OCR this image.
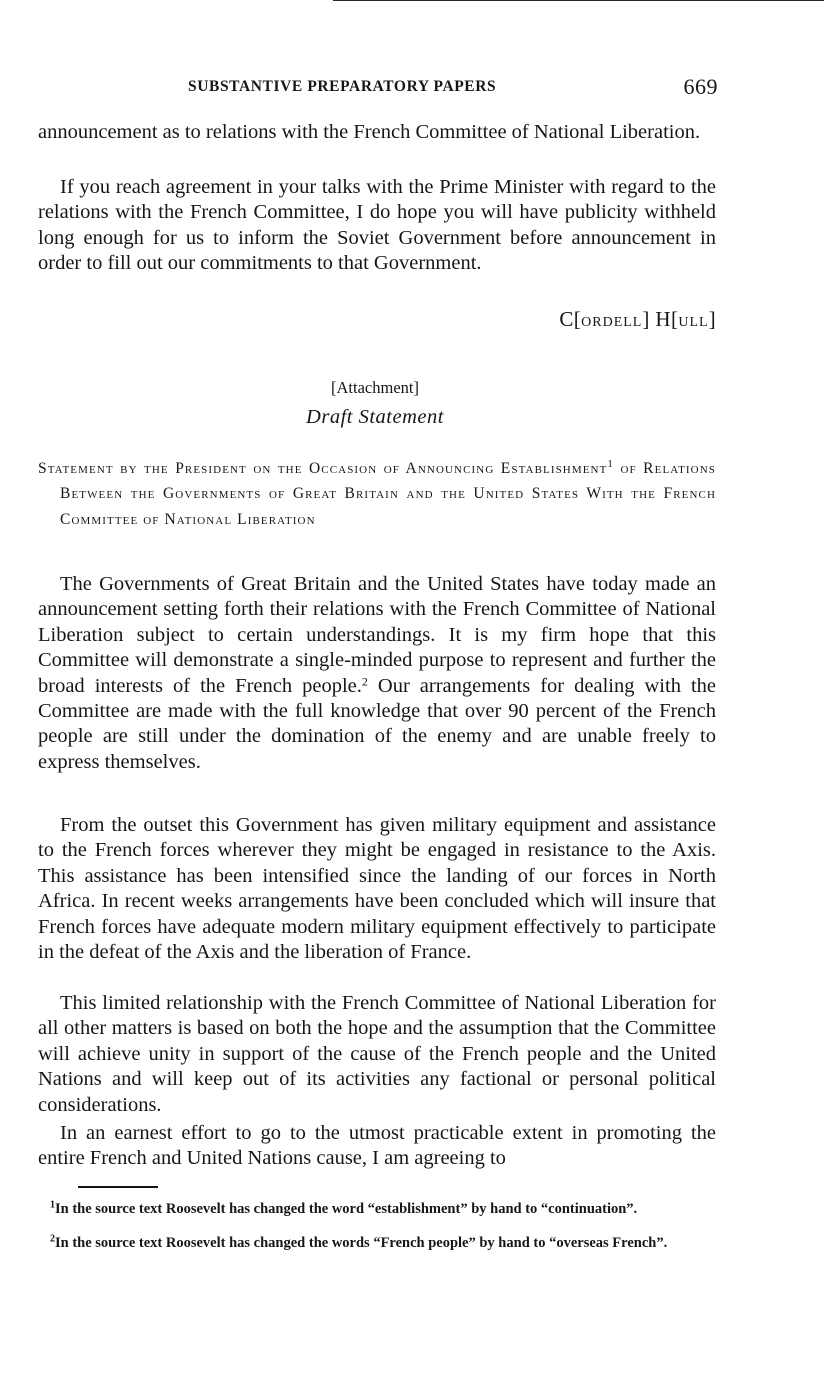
SUBSTANTIVE PREPARATORY PAPERS	669

announcement as to relations with the French Committee of National Liberation.

If you reach agreement in your talks with the Prime Minister with regard to the relations with the French Committee, I do hope you will have publicity withheld long enough for us to inform the Soviet Government before announcement in order to fill out our commitments to that Government.

C[ORDELL] H[ULL]
[Attachment]
Draft Statement

Statement by the President on the Occasion of Announcing Establishment$^1$ of Relations Between the Governments of Great Britain and the United States With the French Committee of National Liberation

The Governments of Great Britain and the United States have today made an announcement setting forth their relations with the French Committee of National Liberation subject to certain understandings. It is my firm hope that this Committee will demonstrate a single-minded purpose to represent and further the broad interests of the French people.$^2$ Our arrangements for dealing with the Committee are made with the full knowledge that over 90 percent of the French people are still under the domination of the enemy and are unable freely to express themselves.

From the outset this Government has given military equipment and assistance to the French forces wherever they might be engaged in resistance to the Axis. This assistance has been intensified since the landing of our forces in North Africa. In recent weeks arrangements have been concluded which will insure that French forces have adequate modern military equipment effectively to participate in the defeat of the Axis and the liberation of France.

This limited relationship with the French Committee of National Liberation for all other matters is based on both the hope and the assumption that the Committee will achieve unity in support of the cause of the French people and the United Nations and will keep out of its activities any factional or personal political considerations.

In an earnest effort to go to the utmost practicable extent in promoting the entire French and United Nations cause, I am agreeing to

$^1$In the source text Roosevelt has changed the word “establishment” by hand to “continuation”.

$^2$In the source text Roosevelt has changed the words “French people” by hand to “overseas French”.
